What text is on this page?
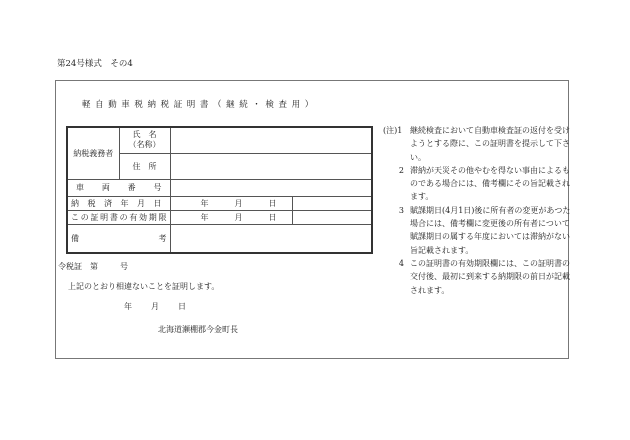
第24号様式　その4
軽自動車税納税証明書（継続・検査用）
納税義務者	氏　名
（名称）		

	住　所		

車両番号			

納税済年月日		年 月 日	

この証明書の有効期限		年 月 日	

備　　　　考			

令税証　第	号
上記のとおり相違ないことを証明します。
年 月 日
北海道瀬棚郡今金町長
(注)1 継続検査において自動車検査証の返付を受けようとする際に、この証明書を提示して下さい。
2 滞納が天災その他やむを得ない事由によるものである場合には、備考欄にその旨記載されます。
3 賦課期日(4月1日)後に所有者の変更があつた場合には、備考欄に変更後の所有者について賦課期日の属する年度においては滞納がない旨記載されます。
4 この証明書の有効期限欄には、この証明書の交付後、最初に到来する納期限の前日が記載されます。
